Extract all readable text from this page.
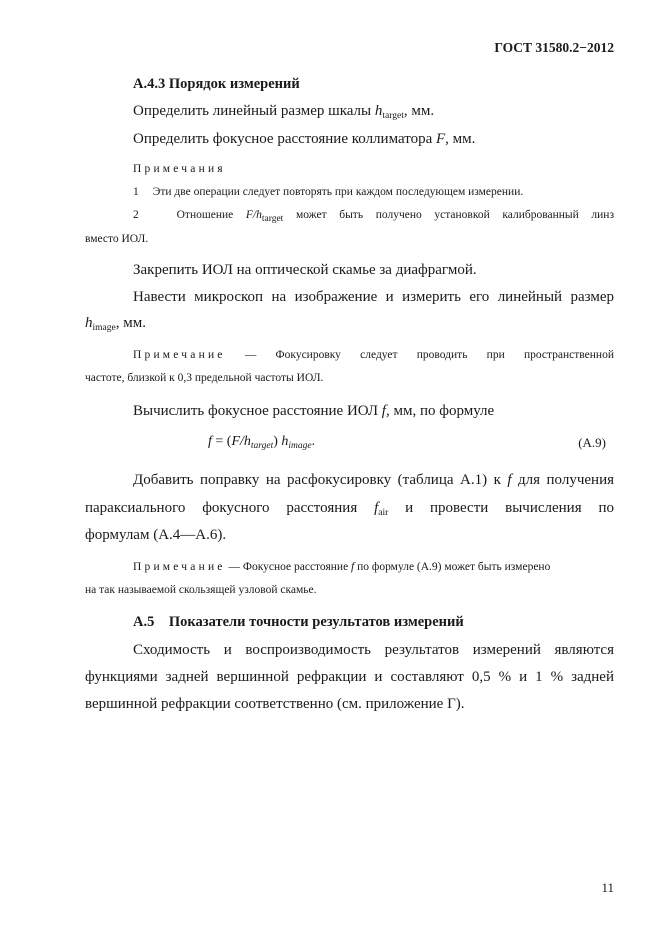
ГОСТ 31580.2−2012
А.4.3 Порядок измерений
Определить линейный размер шкалы $h_{target}$, мм.
Определить фокусное расстояние коллиматора F, мм.
Примечания
1 Эти две операции следует повторять при каждом последующем измерении.
2	Отношение $F/h_{target}$ может быть получено установкой калиброванный линз
вместо ИОЛ.
Закрепить ИОЛ на оптической скамье за диафрагмой.
Навести микроскоп на изображение и измерить его линейный размер
$h_{image}$, мм.
Примечание — Фокусировку следует проводить при пространственной
частоте, близкой к 0,3 предельной частоты ИОЛ.
Вычислить фокусное расстояние ИОЛ f, мм, по формуле
$f = (F/h_{target})$ $h_{image}$.	(А.9)
Добавить поправку на расфокусировку (таблица А.1) к f для получения
параксиального фокусного расстояния $f_{air}$ и провести вычисления по
формулам (А.4—А.6).
Примечание — Фокусное расстояние f по формуле (А.9) может быть измерено
на так называемой скользящей узловой скамье.
А.5    Показатели точности результатов измерений
Сходимость и воспроизводимость результатов измерений являются
функциями задней вершинной рефракции и составляют 0,5 % и 1 % задней
вершинной рефракции соответственно (см. приложение Г).
11
